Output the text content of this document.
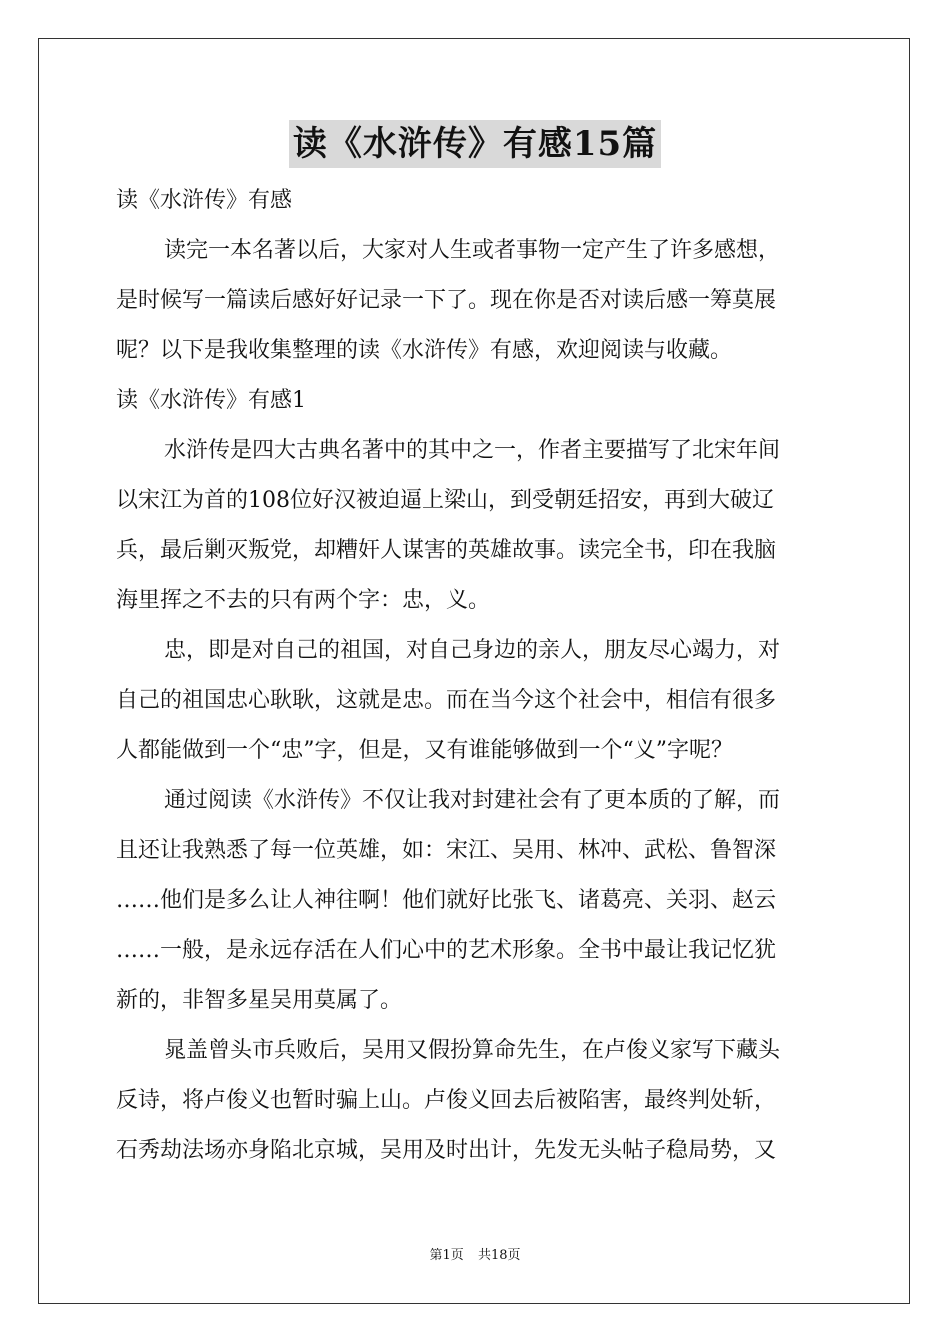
读《水浒传》有感15篇
读《水浒传》有感
读完一本名著以后，大家对人生或者事物一定产生了许多感想，
是时候写一篇读后感好好记录一下了。现在你是否对读后感一筹莫展
呢？以下是我收集整理的读《水浒传》有感，欢迎阅读与收藏。
读《水浒传》有感1
水浒传是四大古典名著中的其中之一，作者主要描写了北宋年间
以宋江为首的108位好汉被迫逼上梁山，到受朝廷招安，再到大破辽
兵，最后剿灭叛党，却糟奸人谋害的英雄故事。读完全书，印在我脑
海里挥之不去的只有两个字：忠，义。
忠，即是对自己的祖国，对自己身边的亲人，朋友尽心竭力，对
自己的祖国忠心耿耿，这就是忠。而在当今这个社会中，相信有很多
人都能做到一个“忠”字，但是，又有谁能够做到一个“义”字呢？
通过阅读《水浒传》不仅让我对封建社会有了更本质的了解，而
且还让我熟悉了每一位英雄，如：宋江、吴用、林冲、武松、鲁智深
……他们是多么让人神往啊！他们就好比张飞、诸葛亮、关羽、赵云
……一般，是永远存活在人们心中的艺术形象。全书中最让我记忆犹
新的，非智多星吴用莫属了。
晁盖曾头市兵败后，吴用又假扮算命先生，在卢俊义家写下藏头
反诗，将卢俊义也暂时骗上山。卢俊义回去后被陷害，最终判处斩，
石秀劫法场亦身陷北京城，吴用及时出计，先发无头帖子稳局势，又
第1页 共18页
